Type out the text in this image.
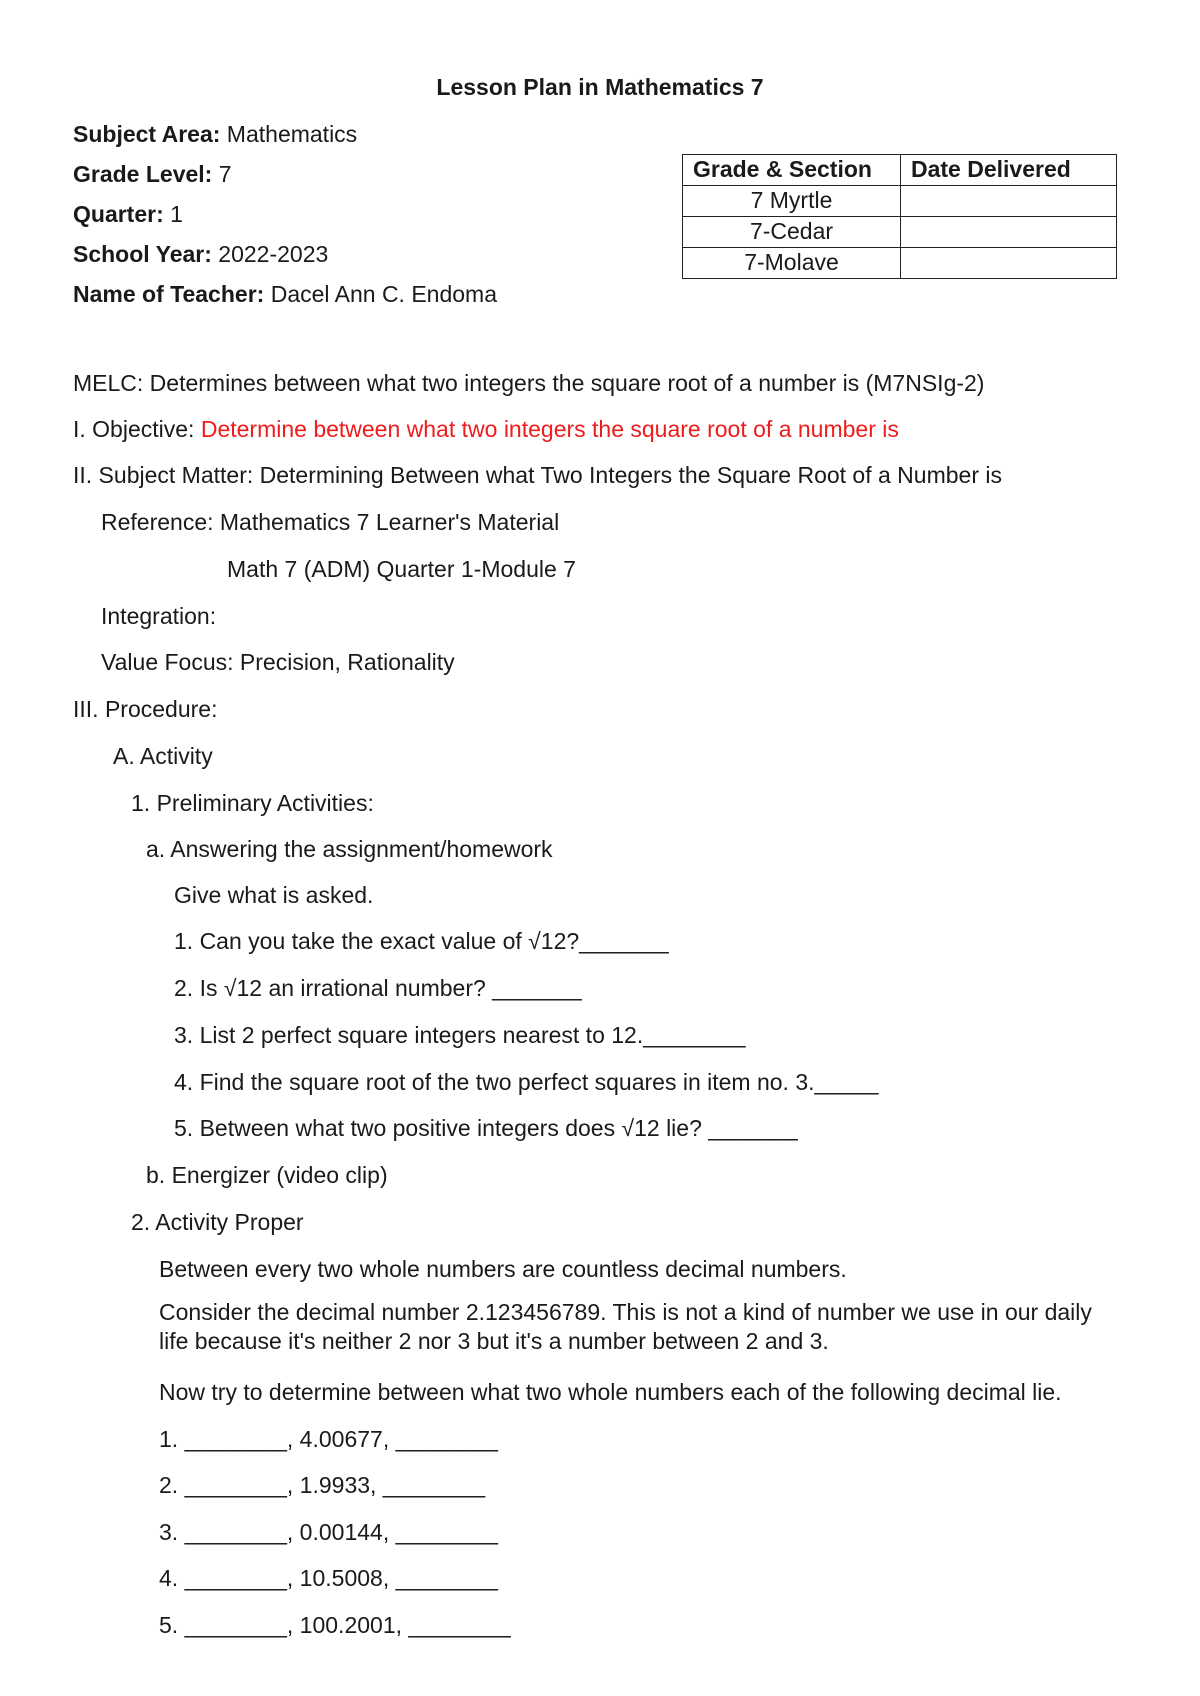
Lesson Plan in Mathematics 7
Subject Area: Mathematics
Grade Level: 7
Quarter: 1
School Year: 2022-2023
Name of Teacher: Dacel Ann C. Endoma
Grade & Section	Date Delivered
7 Myrtle	
7-Cedar	
7-Molave	
MELC: Determines between what two integers the square root of a number is (M7NSIg-2)
I. Objective: Determine between what two integers the square root of a number is
II. Subject Matter: Determining Between what Two Integers the Square Root of a Number is
Reference: Mathematics 7 Learner's Material
Math 7 (ADM) Quarter 1-Module 7
Integration:
Value Focus: Precision, Rationality
III. Procedure:
A. Activity
1. Preliminary Activities:
a. Answering the assignment/homework
Give what is asked.
1. Can you take the exact value of √12?_______
2. Is √12 an irrational number? _______
3. List 2 perfect square integers nearest to 12.________
4. Find the square root of the two perfect squares in item no. 3._____
5. Between what two positive integers does √12 lie? _______
b. Energizer (video clip)
2. Activity Proper
Between every two whole numbers are countless decimal numbers.
Consider the decimal number 2.123456789. This is not a kind of number we use in our daily life because it's neither 2 nor 3 but it's a number between 2 and 3.
Now try to determine between what two whole numbers each of the following decimal lie.
1. ________, 4.00677, ________
2. ________, 1.9933, ________
3. ________, 0.00144, ________
4. ________, 10.5008, ________
5. ________, 100.2001, ________
